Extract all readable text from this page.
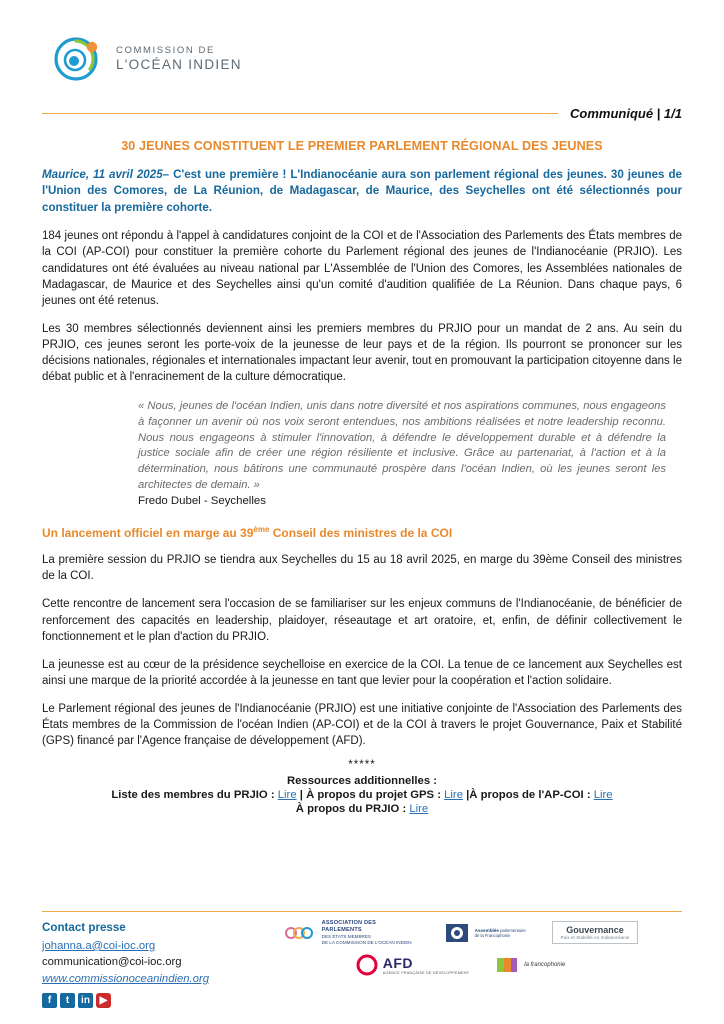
COMMISSION DE
L'OCÉAN INDIEN
Communiqué | 1/1
30 JEUNES CONSTITUENT LE PREMIER PARLEMENT RÉGIONAL DES JEUNES
Maurice, 11 avril 2025– C'est une première ! L'Indianocéanie aura son parlement régional des jeunes. 30 jeunes de l'Union des Comores, de La Réunion, de Madagascar, de Maurice, des Seychelles ont été sélectionnés pour constituer la première cohorte.

184 jeunes ont répondu à l'appel à candidatures conjoint de la COI et de l'Association des Parlements des États membres de la COI (AP-COI) pour constituer la première cohorte du Parlement régional des jeunes de l'Indianocéanie (PRJIO). Les candidatures ont été évaluées au niveau national par L'Assemblée de l'Union des Comores, les Assemblées nationales de Madagascar, de Maurice et des Seychelles ainsi qu'un comité d'audition qualifiée de La Réunion. Dans chaque pays, 6 jeunes ont été retenus.

Les 30 membres sélectionnés deviennent ainsi les premiers membres du PRJIO pour un mandat de 2 ans. Au sein du PRJIO, ces jeunes seront les porte-voix de la jeunesse de leur pays et de la région. Ils pourront se prononcer sur les décisions nationales, régionales et internationales impactant leur avenir, tout en promouvant la participation citoyenne dans le débat public et à l'enracinement de la culture démocratique.

« Nous, jeunes de l'océan Indien, unis dans notre diversité et nos aspirations communes, nous engageons à façonner un avenir où nos voix seront entendues, nos ambitions réalisées et notre leadership reconnu. Nous nous engageons à stimuler l'innovation, à défendre le développement durable et à défendre la justice sociale afin de créer une région résiliente et inclusive. Grâce au partenariat, à l'action et à la détermination, nous bâtirons une communauté prospère dans l'océan Indien, où les jeunes seront les architectes de demain. »
Fredo Dubel - Seychelles
Un lancement officiel en marge au 39ème Conseil des ministres de la COI

La première session du PRJIO se tiendra aux Seychelles du 15 au 18 avril 2025, en marge du 39ème Conseil des ministres de la COI.

Cette rencontre de lancement sera l'occasion de se familiariser sur les enjeux communs de l'Indianocéanie, de bénéficier de renforcement des capacités en leadership, plaidoyer, réseautage et art oratoire, et, enfin, de définir collectivement le fonctionnement et le plan d'action du PRJIO.

La jeunesse est au cœur de la présidence seychelloise en exercice de la COI. La tenue de ce lancement aux Seychelles est ainsi une marque de la priorité accordée à la jeunesse en tant que levier pour la coopération et l'action solidaire.

Le Parlement régional des jeunes de l'Indianocéanie (PRJIO) est une initiative conjointe de l'Association des Parlements des États membres de la Commission de l'océan Indien (AP-COI) et de la COI à travers le projet Gouvernance, Paix et Stabilité (GPS) financé par l'Agence française de développement (AFD).

*****
Ressources additionnelles :
Liste des membres du PRJIO : Lire | À propos du projet GPS : Lire |À propos de l'AP-COI : Lire
À propos du PRJIO : Lire
Contact presse
johanna.a@coi-ioc.org
communication@coi-ioc.org
www.commissionoceanindien.org
f	t	in ▶
ASSOCIATION DES PARLEMENTS
DES ÉTATS MEMBRES
DE LA COMMISSION DE L'OCÉAN INDIEN
Assemblée parlementaire
de la Francophonie
Gouvernance
Paix et Stabilité en Indianocéanie
AFD
AGENCE FRANÇAISE DE DÉVELOPPEMENT
la francophonie
